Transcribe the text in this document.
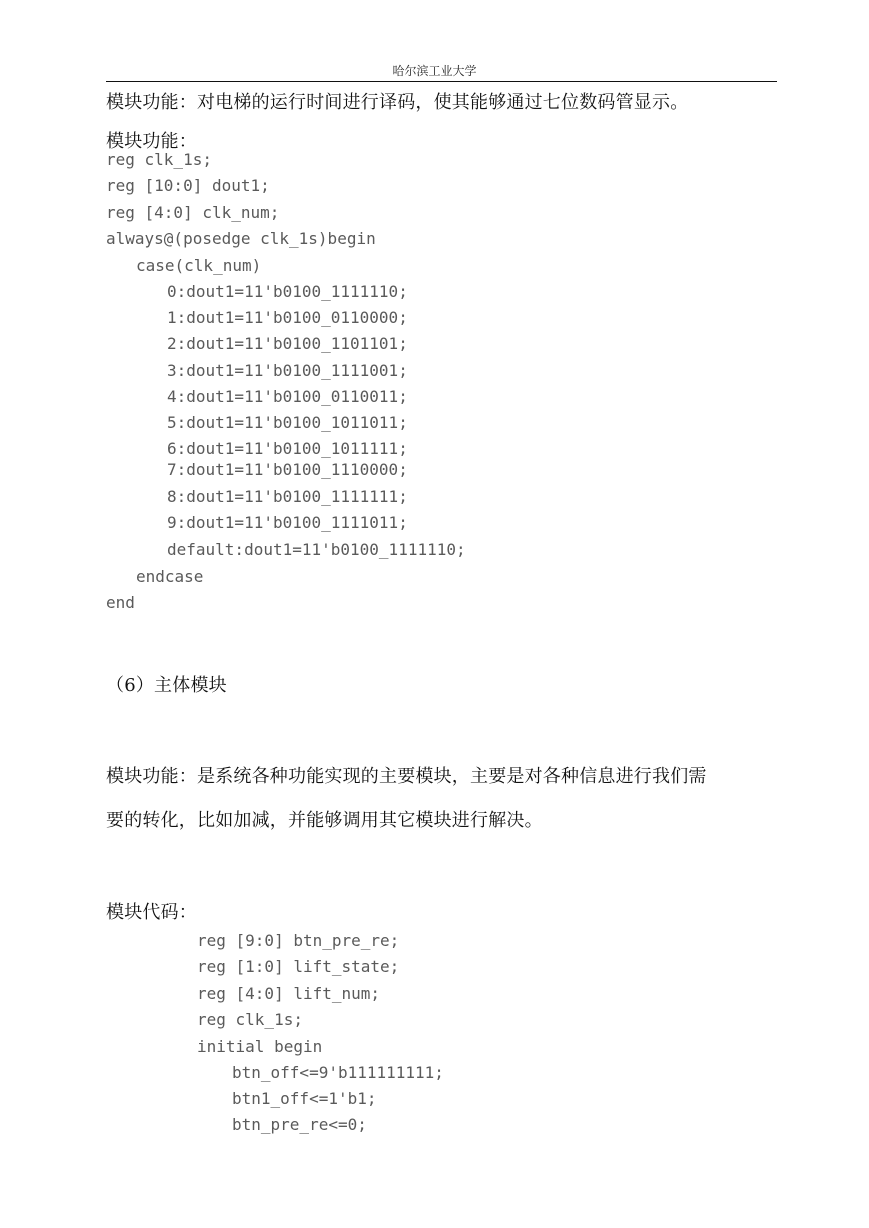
哈尔滨工业大学
模块功能：对电梯的运行时间进行译码，使其能够通过七位数码管显示。
模块功能：
reg clk_1s;
reg [10:0] dout1;
reg [4:0] clk_num;
always@(posedge clk_1s)begin
case(clk_num)
0:dout1=11'b0100_1111110;
1:dout1=11'b0100_0110000;
2:dout1=11'b0100_1101101;
3:dout1=11'b0100_1111001;
4:dout1=11'b0100_0110011;
5:dout1=11'b0100_1011011;
6:dout1=11'b0100_1011111;
7:dout1=11'b0100_1110000;
8:dout1=11'b0100_1111111;
9:dout1=11'b0100_1111011;
default:dout1=11'b0100_1111110;
endcase
end
（6）主体模块
模块功能：是系统各种功能实现的主要模块，主要是对各种信息进行我们需
要的转化，比如加减，并能够调用其它模块进行解决。
模块代码：
reg [9:0] btn_pre_re;
reg [1:0] lift_state;
reg [4:0] lift_num;
reg clk_1s;
initial begin
btn_off<=9'b111111111;
btn1_off<=1'b1;
btn_pre_re<=0;
